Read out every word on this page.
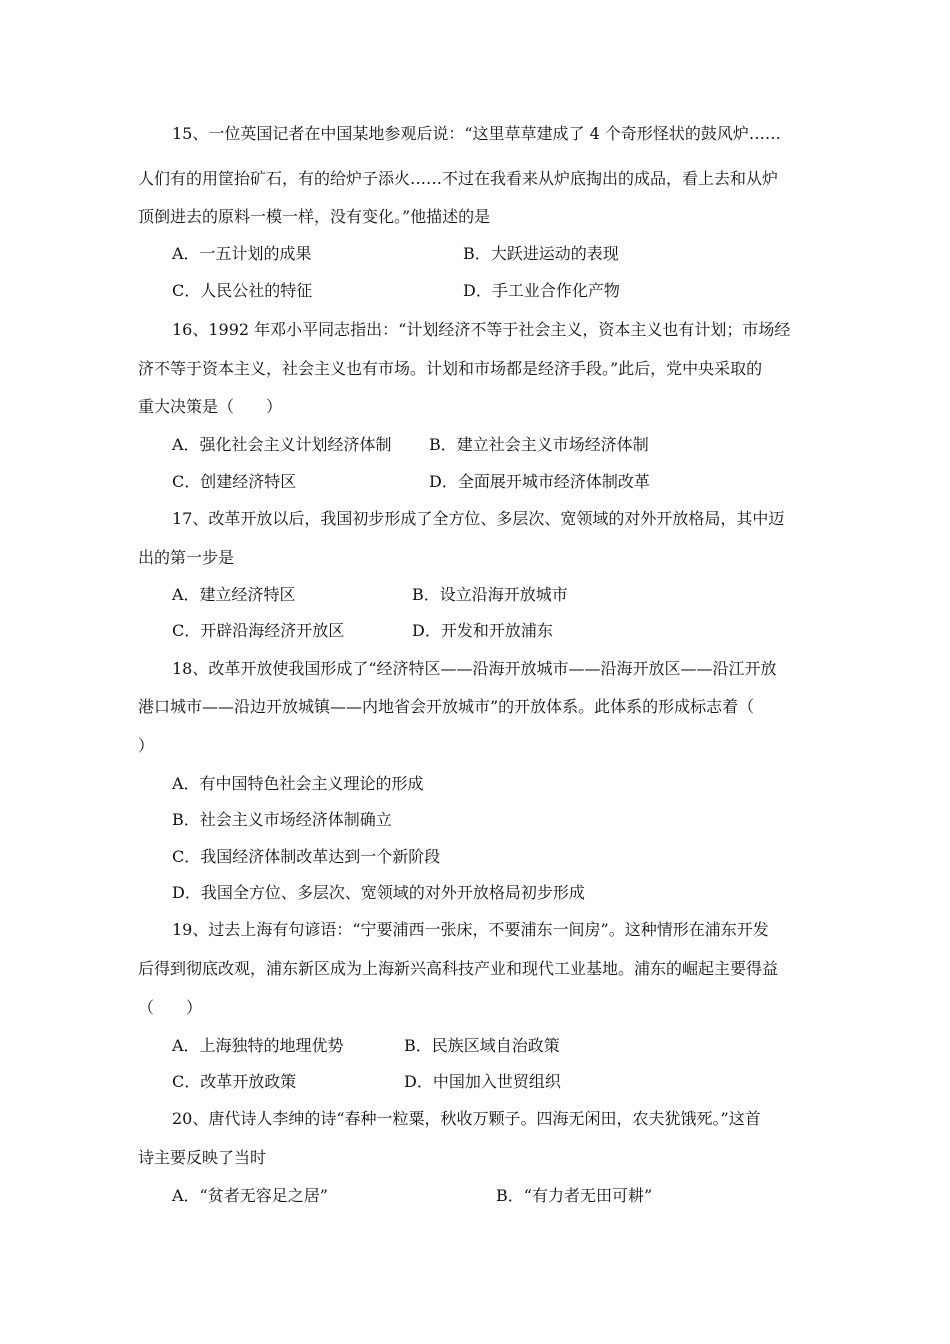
15、一位英国记者在中国某地参观后说：“这里草草建成了 4 个奇形怪状的鼓风炉……
人们有的用筐抬矿石，有的给炉子添火……不过在我看来从炉底掏出的成品，看上去和从炉
顶倒进去的原料一模一样，没有变化。”他描述的是
A．一五计划的成果	B．大跃进运动的表现
C．人民公社的特征	D．手工业合作化产物
16、1992 年邓小平同志指出：“计划经济不等于社会主义，资本主义也有计划；市场经
济不等于资本主义，社会主义也有市场。计划和市场都是经济手段。”此后，党中央采取的
重大决策是（　　）
A．强化社会主义计划经济体制 B．建立社会主义市场经济体制
C．创建经济特区	D．全面展开城市经济体制改革
17、改革开放以后，我国初步形成了全方位、多层次、宽领域的对外开放格局，其中迈
出的第一步是
A．建立经济特区	B．设立沿海开放城市
C．开辟沿海经济开放区	D．开发和开放浦东
18、改革开放使我国形成了“经济特区——沿海开放城市——沿海开放区——沿江开放
港口城市——沿边开放城镇——内地省会开放城市”的开放体系。此体系的形成标志着（
）
A．有中国特色社会主义理论的形成
B．社会主义市场经济体制确立
C．我国经济体制改革达到一个新阶段
D．我国全方位、多层次、宽领域的对外开放格局初步形成
19、过去上海有句谚语：“宁要浦西一张床，不要浦东一间房”。这种情形在浦东开发
后得到彻底改观，浦东新区成为上海新兴高科技产业和现代工业基地。浦东的崛起主要得益
（　　）
A．上海独特的地理优势	B．民族区域自治政策
C．改革开放政策	D．中国加入世贸组织
20、唐代诗人李绅的诗“春种一粒粟，秋收万颗子。四海无闲田，农夫犹饿死。”这首
诗主要反映了当时
A．“贫者无容足之居”	B．“有力者无田可耕”
